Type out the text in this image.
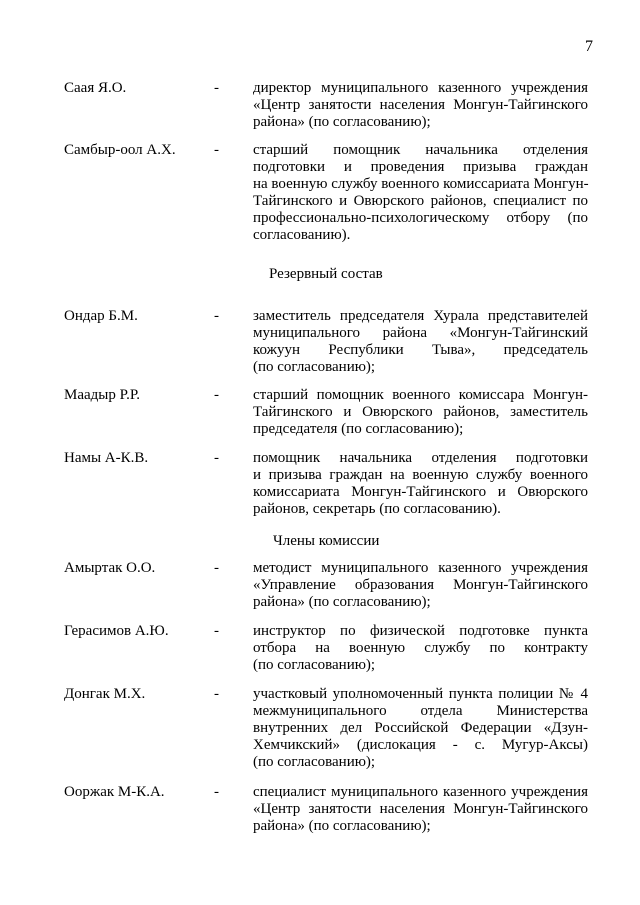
7
Саая Я.О.	- директор муниципального казенного учреждения
«Центр занятости населения Монгун-Тайгинского
района» (по согласованию);
Самбыр-оол А.Х.	- старший помощник начальника отделения
подготовки и проведения призыва граждан
на военную службу военного комиссариата Монгун-
Тайгинского и Овюрского районов, специалист по
профессионально-психологическому отбору (по
согласованию).
Резервный состав
Ондар Б.М.	- заместитель председателя Хурала представителей
муниципального района «Монгун-Тайгинский
кожуун Республики Тыва», председатель
(по согласованию);
Маадыр Р.Р.	- старший помощник военного комиссара Монгун-
Тайгинского и Овюрского районов, заместитель
председателя (по согласованию);
Намы А-К.В.	- помощник начальника отделения подготовки
и призыва граждан на военную службу военного
комиссариата Монгун-Тайгинского и Овюрского
районов, секретарь (по согласованию).
Члены комиссии
Амыртак О.О.	- методист муниципального казенного учреждения
«Управление образования Монгун-Тайгинского
района» (по согласованию);
Герасимов А.Ю.	- инструктор по физической подготовке пункта
отбора на военную службу по контракту
(по согласованию);
Донгак М.Х.	- участковый уполномоченный пункта полиции № 4
межмуниципального отдела Министерства
внутренних дел Российской Федерации «Дзун-
Хемчикский» (дислокация - с. Мугур-Аксы)
(по согласованию);
Ооржак М-К.А.	- специалист муниципального казенного учреждения
«Центр занятости населения Монгун-Тайгинского
района» (по согласованию);
